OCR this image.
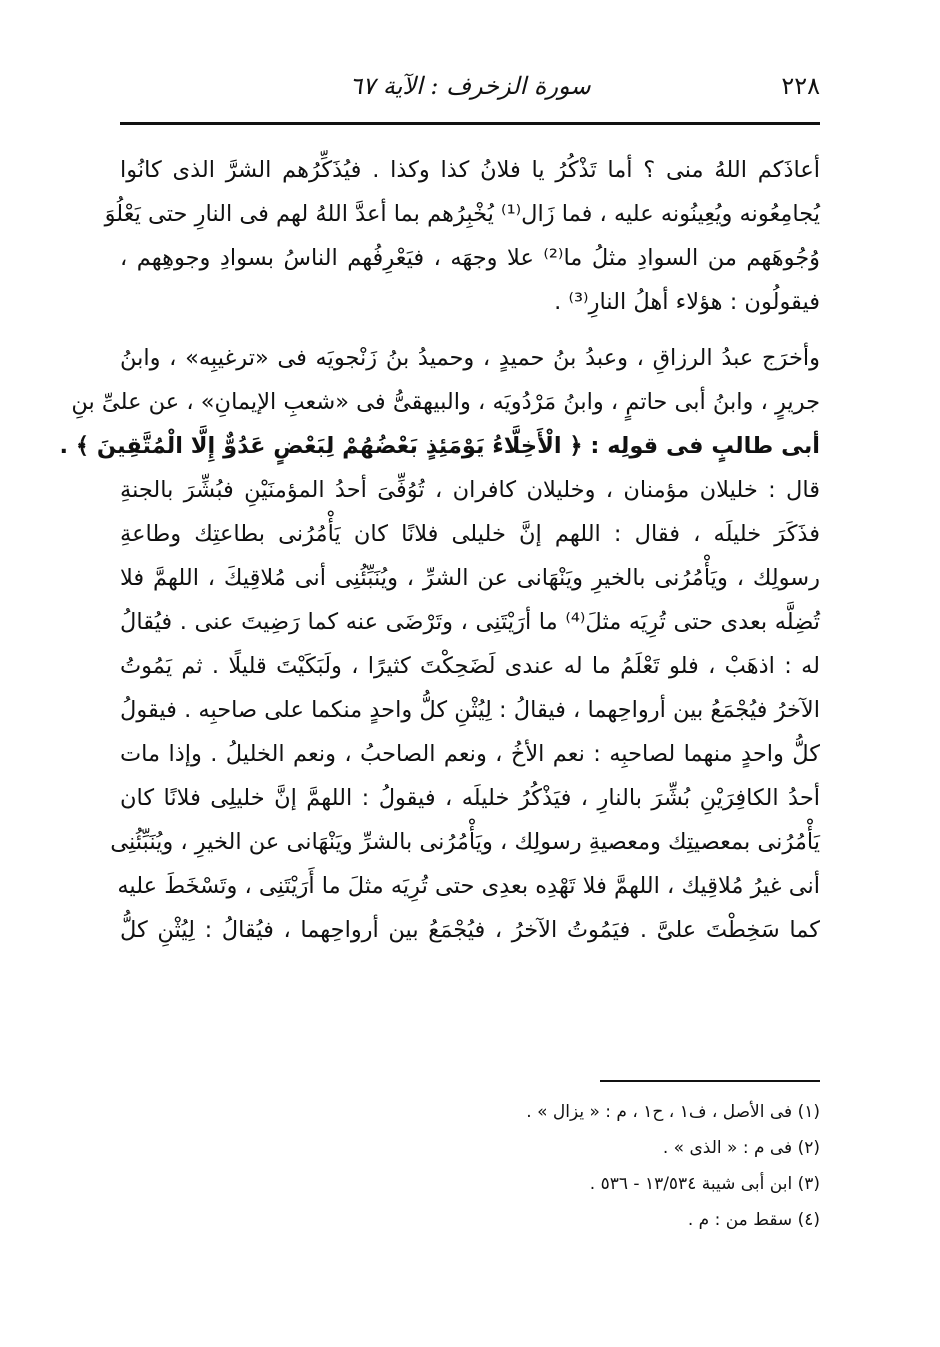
٢٢٨
سورة الزخرف : الآية ٦٧

أعاذَكم اللهُ منى ؟ أما تَذْكُرُ يا فلانُ كذا وكذا . فيُذَكِّرُهم الشرَّ الذى كانُوا
يُجامِعُونه ويُعِينُونه عليه ، فما زَال⁽¹⁾ يُخْبِرُهم بما أعدَّ اللهُ لهم فى النارِ حتى يَعْلُوَ
وُجُوهَهم من السوادِ مثلُ ما⁽²⁾ علا وجهَه ، فيَعْرِفُهم الناسُ بسوادِ وجوهِهم ،
فيقولُون : هؤلاء أهلُ النارِ⁽³⁾ .

وأخرَج عبدُ الرزاقِ ، وعبدُ بنُ حميدٍ ، وحميدُ بنُ زَنْجويَه فى «ترغيبِه» ، وابنُ
جريرٍ ، وابنُ أبى حاتمٍ ، وابنُ مَرْدُويَه ، والبيهقىُّ فى «شعبِ الإيمانِ» ، عن علىِّ بنِ
أبى طالبٍ فى قولِه : ﴿ الْأَخِلَّاءُ يَوْمَئِذٍ بَعْضُهُمْ لِبَعْضٍ عَدُوٌّ إِلَّا الْمُتَّقِينَ ﴾ .
قال : خليلان مؤمنان ، وخليلان كافران ، تُوُفِّىَ أحدُ المؤمنَيْنِ فبُشِّرَ بالجنةِ
فذَكَرَ خليلَه ، فقال : اللهم إنَّ خليلى فلانًا كان يَأْمُرُنى بطاعتِك وطاعةِ
رسولِك ، ويَأْمُرُنى بالخيرِ ويَنْهَانى عن الشرِّ ، ويُنَبِّئُنِى أنى مُلاقِيكَ ، اللهمَّ فلا
تُضِلَّه بعدى حتى تُرِيَه مثلَ⁽⁴⁾ ما أرَيْتَنِى ، وتَرْضَى عنه كما رَضِيتَ عنى . فيُقالُ
له : اذهَبْ ، فلو تَعْلَمُ ما له عندى لَضَحِكْتَ كثيرًا ، ولَبَكَيْتَ قليلًا . ثم يَمُوتُ
الآخرُ فيُجْمَعُ بين أرواحِهما ، فيقالُ : لِيُثْنِ كلُّ واحدٍ منكما على صاحبِه . فيقولُ
كلُّ واحدٍ منهما لصاحبِه : نعم الأخُ ، ونعم الصاحبُ ، ونعم الخليلُ . وإذا مات
أحدُ الكافِرَيْنِ بُشِّرَ بالنارِ ، فيَذْكُرُ خليلَه ، فيقولُ : اللهمَّ إنَّ خليلِى فلانًا كان
يَأْمُرُنى بمعصيتِك ومعصيةِ رسولِك ، ويَأْمُرُنى بالشرِّ ويَنْهَانى عن الخيرِ ، ويُنَبِّئُنِى
أنى غيرُ مُلاقِيك ، اللهمَّ فلا تَهْدِه بعدِى حتى تُرِيَه مثلَ ما أَرَيْتَنِى ، وتَسْخَطَ عليه
كما سَخِطْتَ علىَّ . فيَمُوتُ الآخرُ ، فيُجْمَعُ بين أرواحِهما ، فيُقالُ : لِيُثْنِ كلُّ

(١) فى الأصل ، ف١ ، ح١ ، م : « يزال » .
(٢) فى م : « الذى » .
(٣) ابن أبى شيبة ١٣/٥٣٤ - ٥٣٦ .
(٤) سقط من : م .
